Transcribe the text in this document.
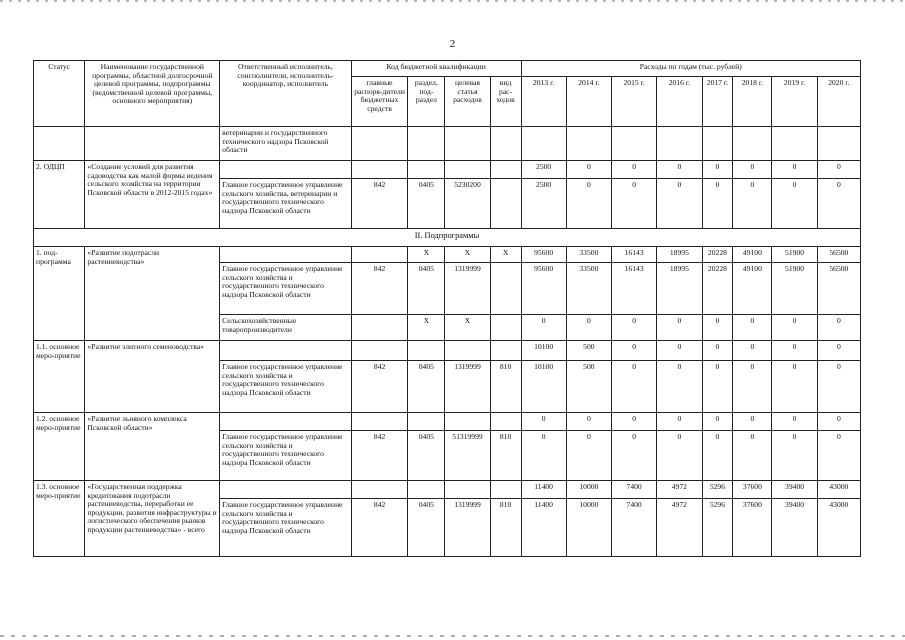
2
Статус	Наименование государственной программы, областной долгосрочной целевой программы, подпрограммы (ведомственной целевой программы, основного мероприятия)	Ответственный исполнитель, соисполнители, исполнитель-координатор, исполнитель	Код бюджетной квалификации				Расходы по годам (тыс. рублей)							
			главные распоря-дители бюджетных средств	раздел, под-раздел	целевая статья расходов	вид рас-ходов	2013 г.	2014 г.	2015 г.	2016 г.	2017 г.	2018 г.	2019 г.	2020 г.
		ветеринарии и государственного технического надзора Псковской области												
2. ОДЦП	«Создание условий для развития садоводства как малой формы ведения сельского хозяйства на территории Псковской области в 2012-2015 годах»						2500	0	0	0	0	0	0	0
		Главное государственное управление сельского хозяйства, ветеринарии и государственного технического надзора Псковской области	842	0405	5230200		2500	0	0	0	0	0	0	0
II. Подпрограммы														
1. под-программа	«Развитие подотрасли растениеводства»			X	X	X	95600	33500	16143	18995	20228	49100	51900	56500
		Главное государственное управление сельского хозяйства и государственного технического надзора Псковской области	842	0405	1319999		95600	33500	16143	18995	20228	49100	51900	56500
		Сельскохозяйственные товаропроизводители		X	X		0	0	0	0	0	0	0	0
1.1. основное меро-приятие	«Развитие элитного семеноводства»						10100	500	0	0	0	0	0	0
		Главное государственное управление сельского хозяйства и государственного технического надзора Псковской области	842	0405	1319999	810	10100	500	0	0	0	0	0	0
1.2. основное меро-приятие	«Развитие льняного комплекса Псковской области»						0	0	0	0	0	0	0	0
		Главное государственное управление сельского хозяйства и государственного технического надзора Псковской области	842	0405	51319999	810	0	0	0	0	0	0	0	0
1.3. основное меро-приятие	«Государственная поддержка кредитования подотрасли растениеводства, переработки ее продукции, развития инфраструктуры и логистического обеспечения рынков продукции растениеводства» - всего						11400	10000	7400	4972	5296	37600	39400	43000
		Главное государственное управление сельского хозяйства и государственного технического надзора Псковской области	842	0405	1319999	810	11400	10000	7400	4972	5296	37600	39400	43000
